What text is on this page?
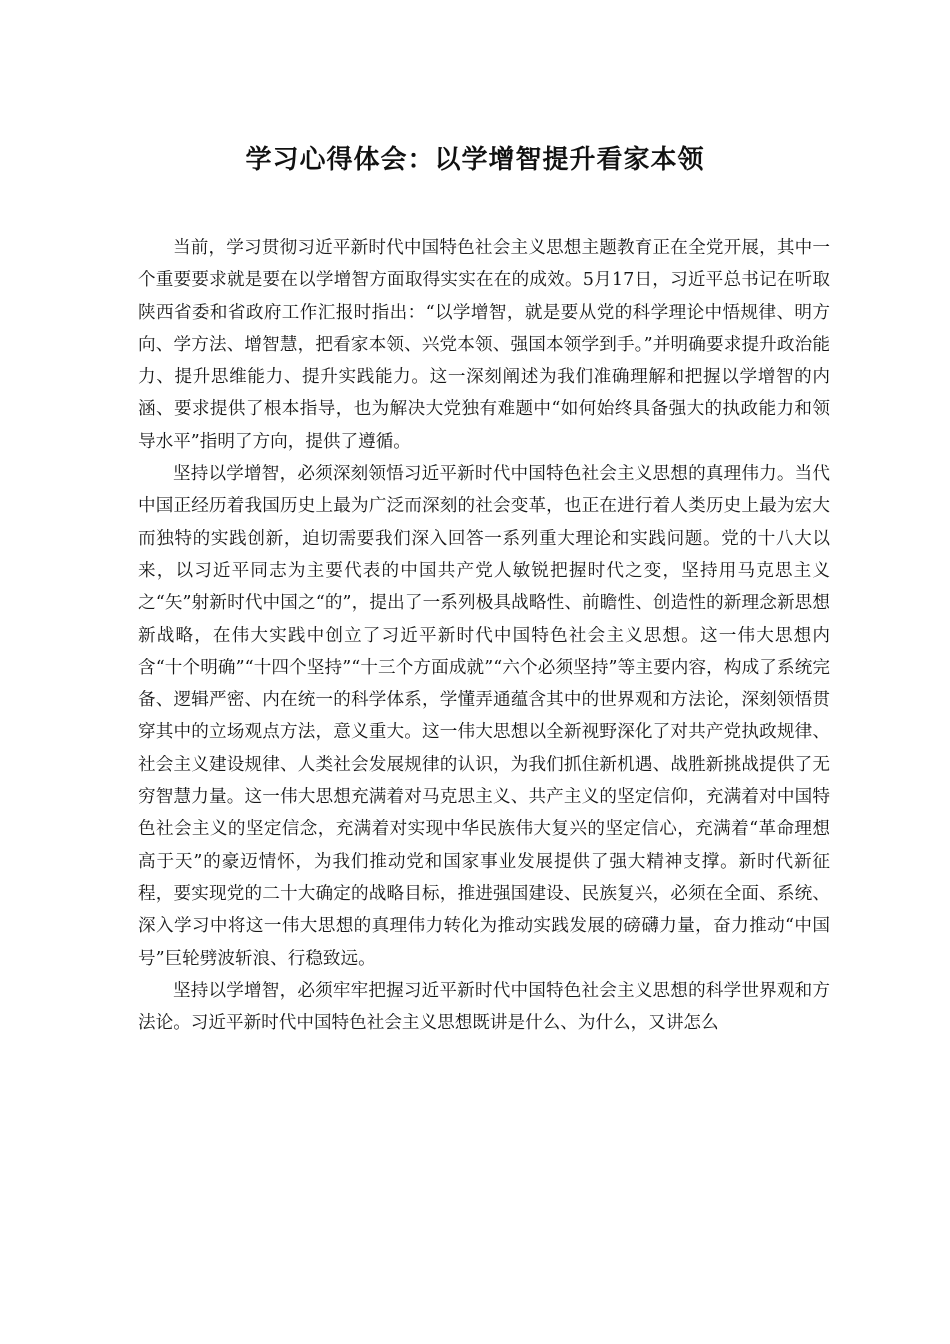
学习心得体会：以学增智提升看家本领

当前，学习贯彻习近平新时代中国特色社会主义思想主题教育正在全党开展，其中一个重要要求就是要在以学增智方面取得实实在在的成效。5月17日，习近平总书记在听取陕西省委和省政府工作汇报时指出：“以学增智，就是要从党的科学理论中悟规律、明方向、学方法、增智慧，把看家本领、兴党本领、强国本领学到手。”并明确要求提升政治能力、提升思维能力、提升实践能力。这一深刻阐述为我们准确理解和把握以学增智的内涵、要求提供了根本指导，也为解决大党独有难题中“如何始终具备强大的执政能力和领导水平”指明了方向，提供了遵循。

坚持以学增智，必须深刻领悟习近平新时代中国特色社会主义思想的真理伟力。当代中国正经历着我国历史上最为广泛而深刻的社会变革，也正在进行着人类历史上最为宏大而独特的实践创新，迫切需要我们深入回答一系列重大理论和实践问题。党的十八大以来，以习近平同志为主要代表的中国共产党人敏锐把握时代之变，坚持用马克思主义之“矢”射新时代中国之“的”，提出了一系列极具战略性、前瞻性、创造性的新理念新思想新战略，在伟大实践中创立了习近平新时代中国特色社会主义思想。这一伟大思想内含“十个明确”“十四个坚持”“十三个方面成就”“六个必须坚持”等主要内容，构成了系统完备、逻辑严密、内在统一的科学体系，学懂弄通蕴含其中的世界观和方法论，深刻领悟贯穿其中的立场观点方法，意义重大。这一伟大思想以全新视野深化了对共产党执政规律、社会主义建设规律、人类社会发展规律的认识，为我们抓住新机遇、战胜新挑战提供了无穷智慧力量。这一伟大思想充满着对马克思主义、共产主义的坚定信仰，充满着对中国特色社会主义的坚定信念，充满着对实现中华民族伟大复兴的坚定信心，充满着“革命理想高于天”的豪迈情怀，为我们推动党和国家事业发展提供了强大精神支撑。新时代新征程，要实现党的二十大确定的战略目标，推进强国建设、民族复兴，必须在全面、系统、深入学习中将这一伟大思想的真理伟力转化为推动实践发展的磅礴力量，奋力推动“中国号”巨轮劈波斩浪、行稳致远。

坚持以学增智，必须牢牢把握习近平新时代中国特色社会主义思想的科学世界观和方法论。习近平新时代中国特色社会主义思想既讲是什么、为什么，又讲怎么
